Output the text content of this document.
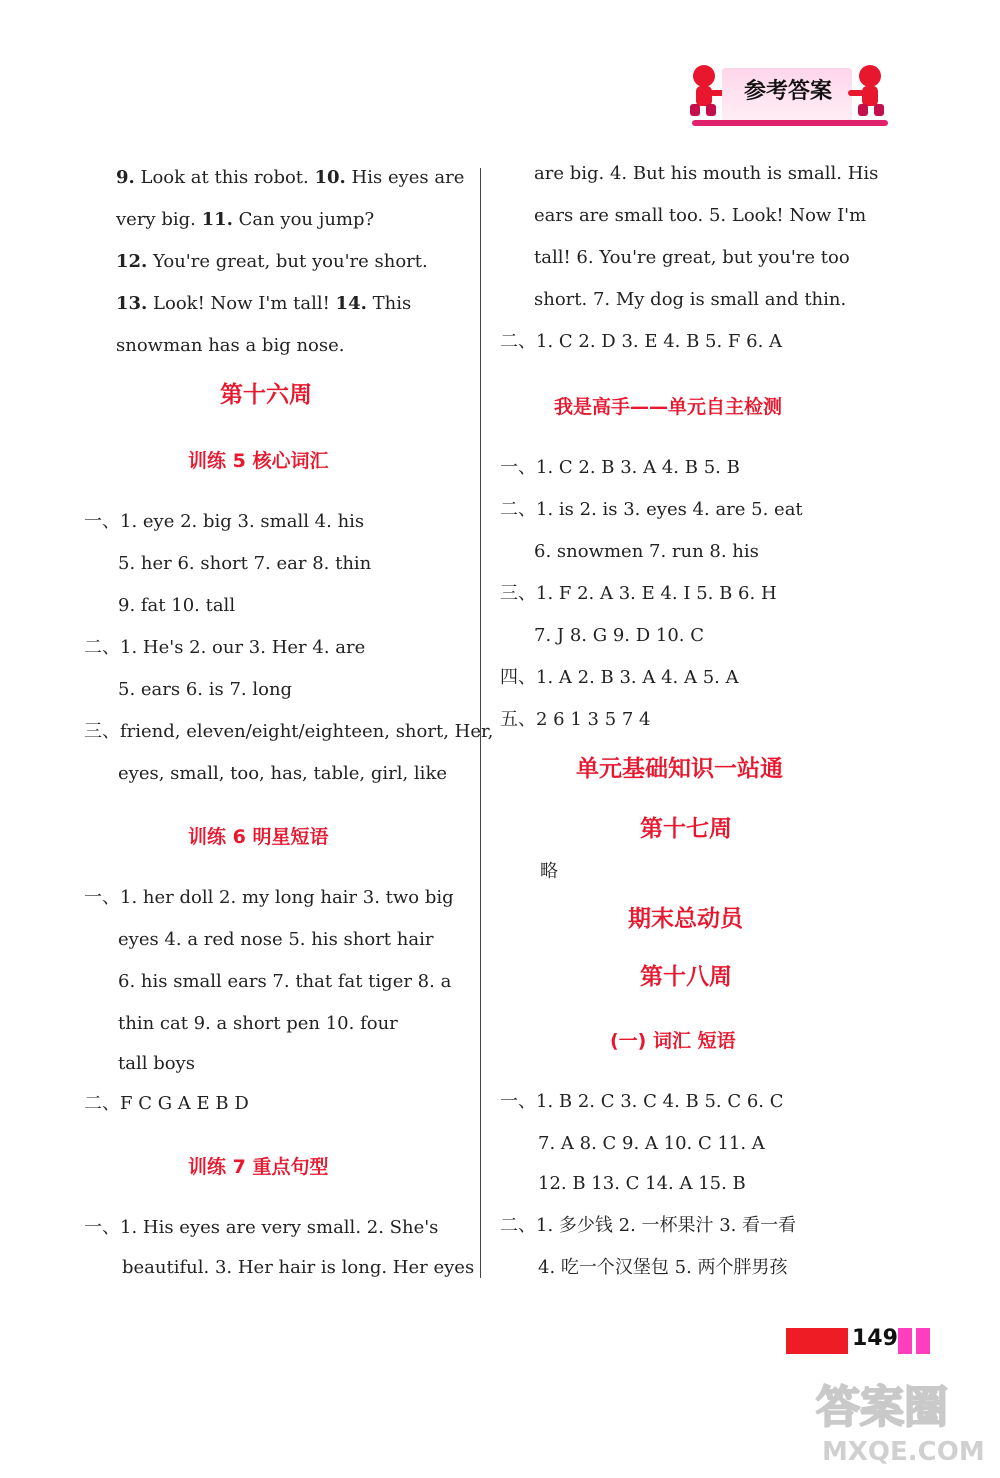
参考答案
9. Look at this robot. 10. His eyes are
very big. 11. Can you jump?
12. You're great, but you're short.
13. Look! Now I'm tall! 14. This
snowman has a big nose.
第十六周
训练 5 核心词汇
一、1. eye 2. big 3. small 4. his
5. her 6. short 7. ear 8. thin
9. fat 10. tall
二、1. He's 2. our 3. Her 4. are
5. ears 6. is 7. long
三、friend, eleven/eight/eighteen, short, Her,
eyes, small, too, has, table, girl, like
训练 6 明星短语
一、1. her doll 2. my long hair 3. two big
eyes 4. a red nose 5. his short hair
6. his small ears 7. that fat tiger 8. a
thin cat 9. a short pen 10. four
tall boys
二、F C G A E B D
训练 7 重点句型
一、1. His eyes are very small. 2. She's
beautiful. 3. Her hair is long. Her eyes
are big. 4. But his mouth is small. His
ears are small too. 5. Look! Now I'm
tall! 6. You're great, but you're too
short. 7. My dog is small and thin.
二、1. C 2. D 3. E 4. B 5. F 6. A
我是高手——单元自主检测
一、1. C 2. B 3. A 4. B 5. B
二、1. is 2. is 3. eyes 4. are 5. eat
6. snowmen 7. run 8. his
三、1. F 2. A 3. E 4. I 5. B 6. H
7. J 8. G 9. D 10. C
四、1. A 2. B 3. A 4. A 5. A
五、2 6 1 3 5 7 4
单元基础知识一站通
第十七周
略
期末总动员
第十八周
(一) 词汇 短语
一、1. B 2. C 3. C 4. B 5. C 6. C
7. A 8. C 9. A 10. C 11. A
12. B 13. C 14. A 15. B
二、1. 多少钱 2. 一杯果汁 3. 看一看
4. 吃一个汉堡包 5. 两个胖男孩
149
答案圈
MXQE.COM
